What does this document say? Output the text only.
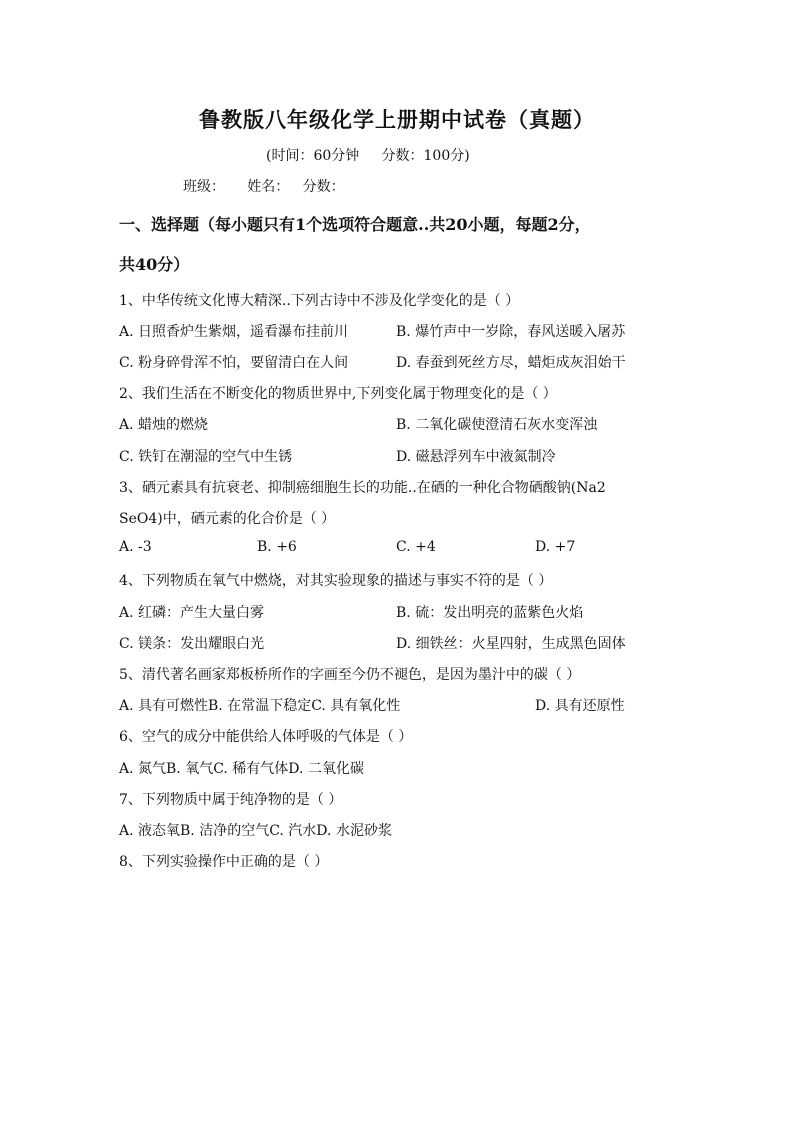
鲁教版八年级化学上册期中试卷（真题）
(时间：60分钟     分数：100分)
班级：     姓名：   分数：
一、选择题（每小题只有1个选项符合题意..共20小题，每题2分，
共40分）
1、中华传统文化博大精深..下列古诗中不涉及化学变化的是（ ）
A. 日照香炉生紫烟，遥看瀑布挂前川	B. 爆竹声中一岁除，春风送暖入屠苏
C. 粉身碎骨浑不怕，要留清白在人间	D. 春蚕到死丝方尽，蜡炬成灰泪始干
2、我们生活在不断变化的物质世界中,下列变化属于物理变化的是（ ）
A. 蜡烛的燃烧	B. 二氧化碳使澄清石灰水变浑浊
C. 铁钉在潮湿的空气中生锈	D. 磁悬浮列车中液氮制冷
3、硒元素具有抗衰老、抑制癌细胞生长的功能..在硒的一种化合物硒酸钠(Na2
SeO4)中，硒元素的化合价是（ ）
A. -3	B. +6	C. +4	D. +7
4、下列物质在氧气中燃烧，对其实验现象的描述与事实不符的是（ ）
A. 红磷：产生大量白雾	B. 硫：发出明亮的蓝紫色火焰
C. 镁条：发出耀眼白光	D. 细铁丝：火星四射，生成黑色固体
5、清代著名画家郑板桥所作的字画至今仍不褪色，是因为墨汁中的碳（ ）
A. 具有可燃性B. 在常温下稳定C. 具有氧化性	D. 具有还原性
6、空气的成分中能供给人体呼吸的气体是（ ）
A. 氮气B. 氧气C. 稀有气体D. 二氧化碳
7、下列物质中属于纯净物的是（ ）
A. 液态氧B. 洁净的空气C. 汽水D. 水泥砂浆
8、下列实验操作中正确的是（ ）
